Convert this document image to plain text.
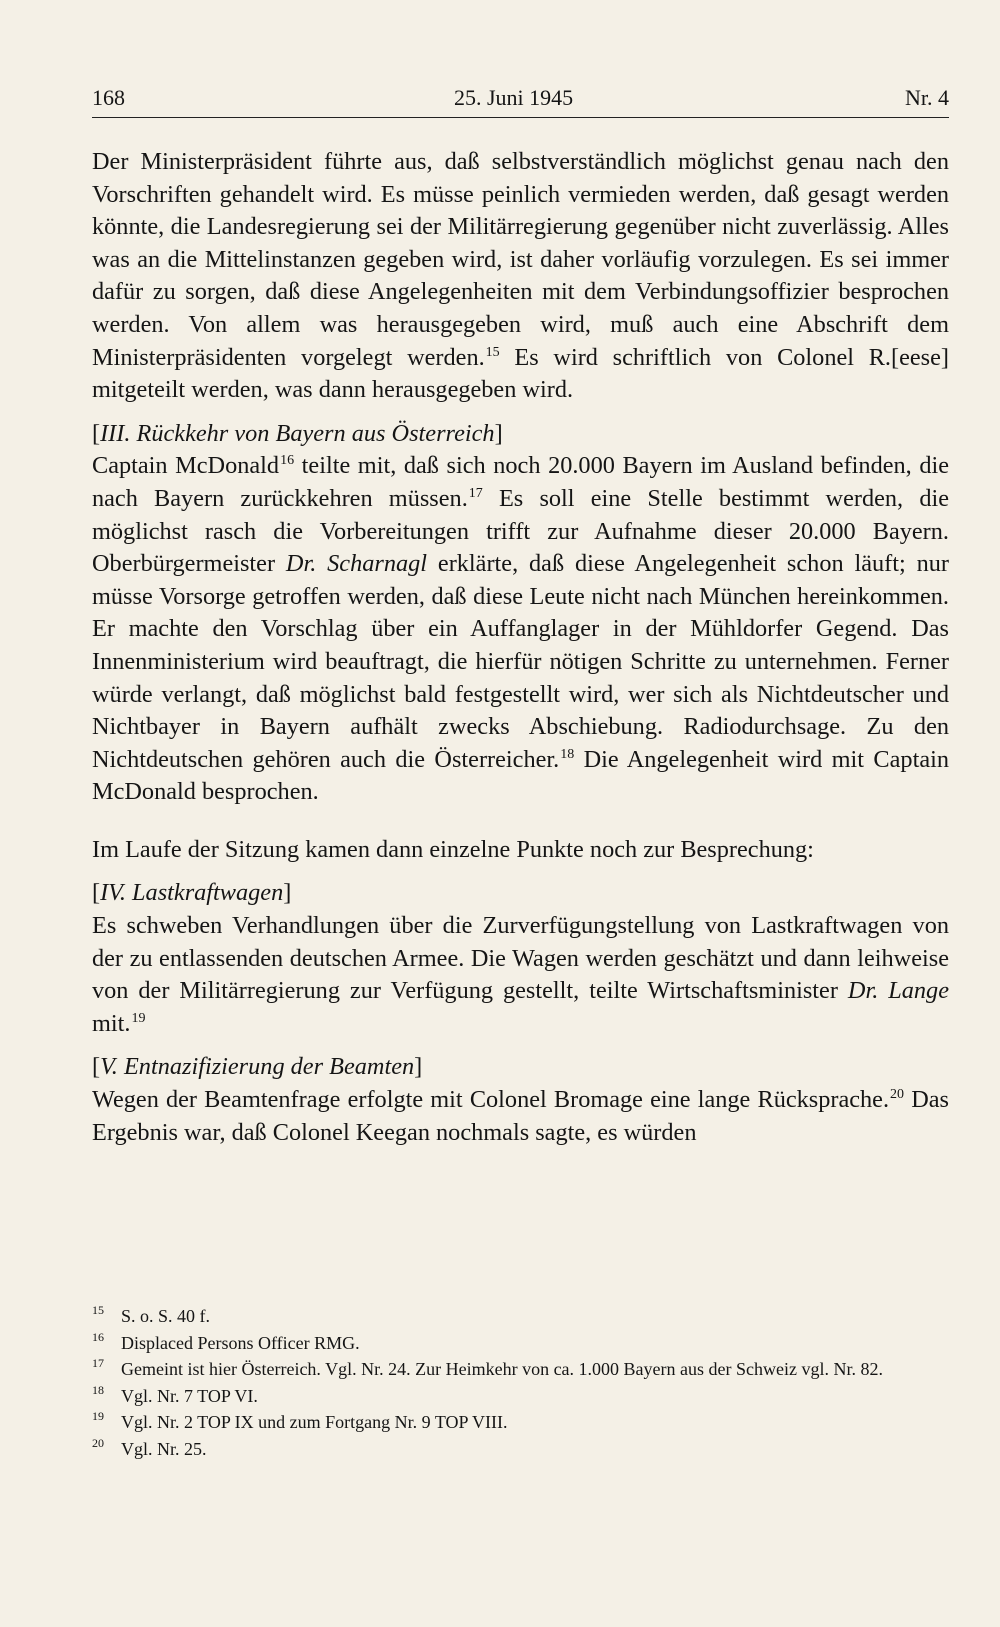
168	25. Juni 1945	Nr. 4

Der Ministerpräsident führte aus, daß selbstverständlich möglichst genau nach den Vorschriften gehandelt wird. Es müsse peinlich vermieden werden, daß gesagt werden könnte, die Landesregierung sei der Militärregierung gegenüber nicht zuverlässig. Alles was an die Mittelinstanzen gegeben wird, ist daher vorläufig vorzulegen. Es sei immer dafür zu sorgen, daß diese Angelegenheiten mit dem Verbindungsoffizier besprochen werden. Von allem was herausgegeben wird, muß auch eine Abschrift dem Ministerpräsidenten vorgelegt werden.$^{15}$ Es wird schriftlich von Colonel R.[eese] mitgeteilt werden, was dann herausgegeben wird.

[III. Rückkehr von Bayern aus Österreich]

Captain McDonald$^{16}$ teilte mit, daß sich noch 20.000 Bayern im Ausland befinden, die nach Bayern zurückkehren müssen.$^{17}$ Es soll eine Stelle bestimmt werden, die möglichst rasch die Vorbereitungen trifft zur Aufnahme dieser 20.000 Bayern. Oberbürgermeister Dr. Scharnagl erklärte, daß diese Angelegenheit schon läuft; nur müsse Vorsorge getroffen werden, daß diese Leute nicht nach München hereinkommen. Er machte den Vorschlag über ein Auffanglager in der Mühldorfer Gegend. Das Innenministerium wird beauftragt, die hierfür nötigen Schritte zu unternehmen. Ferner würde verlangt, daß möglichst bald festgestellt wird, wer sich als Nichtdeutscher und Nichtbayer in Bayern aufhält zwecks Abschiebung. Radiodurchsage. Zu den Nichtdeutschen gehören auch die Österreicher.$^{18}$ Die Angelegenheit wird mit Captain McDonald besprochen.

Im Laufe der Sitzung kamen dann einzelne Punkte noch zur Besprechung:

[IV. Lastkraftwagen]

Es schweben Verhandlungen über die Zurverfügungstellung von Lastkraftwagen von der zu entlassenden deutschen Armee. Die Wagen werden geschätzt und dann leihweise von der Militärregierung zur Verfügung gestellt, teilte Wirtschaftsminister Dr. Lange mit.$^{19}$

[V. Entnazifizierung der Beamten]

Wegen der Beamtenfrage erfolgte mit Colonel Bromage eine lange Rücksprache.$^{20}$ Das Ergebnis war, daß Colonel Keegan nochmals sagte, es würden

15 S. o. S. 40 f.
16 Displaced Persons Officer RMG.
17 Gemeint ist hier Österreich. Vgl. Nr. 24. Zur Heimkehr von ca. 1.000 Bayern aus der Schweiz vgl. Nr. 82.
18 Vgl. Nr. 7 TOP VI.
19 Vgl. Nr. 2 TOP IX und zum Fortgang Nr. 9 TOP VIII.
20 Vgl. Nr. 25.
